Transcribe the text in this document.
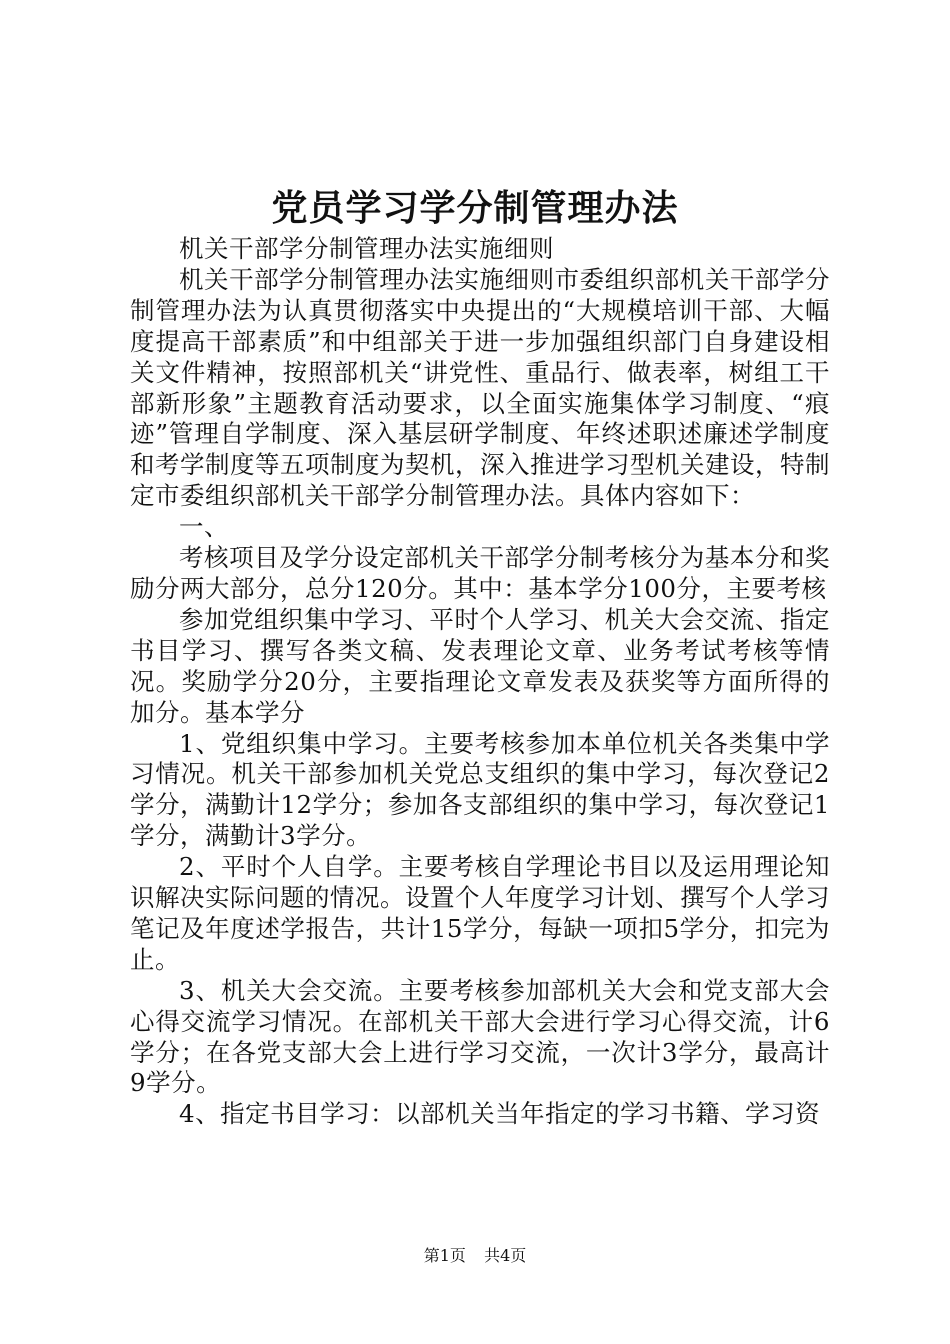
党员学习学分制管理办法

机关干部学分制管理办法实施细则

机关干部学分制管理办法实施细则市委组织部机关干部学分制管理办法为认真贯彻落实中央提出的“大规模培训干部、大幅度提高干部素质”和中组部关于进一步加强组织部门自身建设相关文件精神，按照部机关“讲党性、重品行、做表率，树组工干部新形象”主题教育活动要求，以全面实施集体学习制度、“痕迹”管理自学制度、深入基层研学制度、年终述职述廉述学制度和考学制度等五项制度为契机，深入推进学习型机关建设，特制定市委组织部机关干部学分制管理办法。具体内容如下：

一、

考核项目及学分设定部机关干部学分制考核分为基本分和奖励分两大部分，总分120分。其中：基本学分100分，主要考核

参加党组织集中学习、平时个人学习、机关大会交流、指定书目学习、撰写各类文稿、发表理论文章、业务考试考核等情况。奖励学分20分，主要指理论文章发表及获奖等方面所得的加分。基本学分

1、党组织集中学习。主要考核参加本单位机关各类集中学习情况。机关干部参加机关党总支组织的集中学习，每次登记2学分，满勤计12学分；参加各支部组织的集中学习，每次登记1学分，满勤计3学分。

2、平时个人自学。主要考核自学理论书目以及运用理论知识解决实际问题的情况。设置个人年度学习计划、撰写个人学习笔记及年度述学报告，共计15学分，每缺一项扣5学分，扣完为止。

3、机关大会交流。主要考核参加部机关大会和党支部大会心得交流学习情况。在部机关干部大会进行学习心得交流，计6学分；在各党支部大会上进行学习交流，一次计3学分，最高计9学分。

4、指定书目学习：以部机关当年指定的学习书籍、学习资

第1页 共4页
